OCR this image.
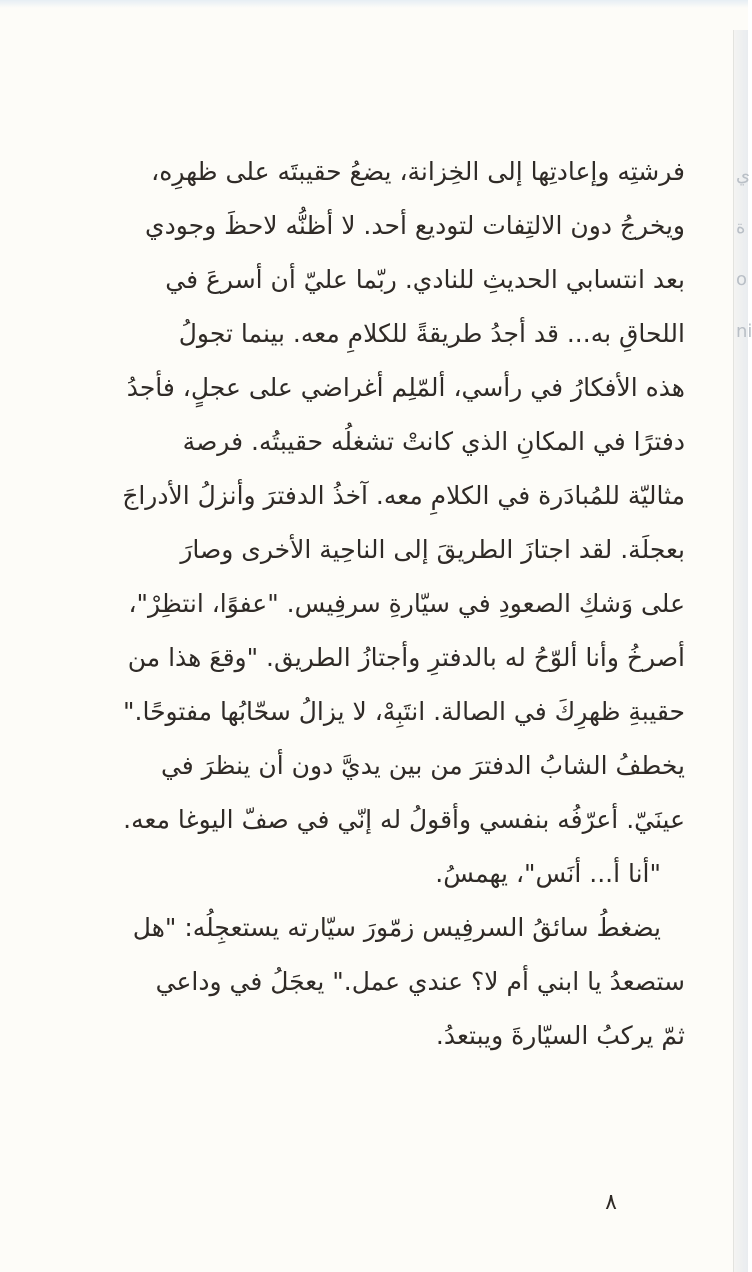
ي
ة
o
ni
فرشتِه وإعادتِها إلى الخِزانة، يضعُ حقيبتَه على ظهرِه،
ويخرجُ دون الالتِفات لتوديع أحد. لا أظنُّه لاحظَ وجودي
بعد انتسابي الحديثِ للنادي. ربّما عليّ أن أسرعَ في
اللحاقِ به... قد أجدُ طريقةً للكلامِ معه. بينما تجولُ
هذه الأفكارُ في رأسي، ألمّلِم أغراضي على عجلٍ، فأجدُ
دفترًا في المكانِ الذي كانتْ تشغلُه حقيبتُه. فرصة
مثاليّة للمُبادَرة في الكلامِ معه. آخذُ الدفترَ وأنزلُ الأدراجَ
بعجلَة. لقد اجتازَ الطريقَ إلى الناحِية الأخرى وصارَ
على وَشكِ الصعودِ في سيّارةِ سرفِيس. "عفوًا، انتظِرْ"،
أصرخُ وأنا ألوّحُ له بالدفترِ وأجتازُ الطريق. "وقعَ هذا من
حقيبةِ ظهرِكَ في الصالة. انتَبِهْ، لا يزالُ سحّابُها مفتوحًا."
يخطفُ الشابُ الدفترَ من بين يديَّ دون أن ينظرَ في
عينَيّ. أعرّفُه بنفسي وأقولُ له إنّي في صفّ اليوغا معه.
"أنا أ... أنَس"، يهمسُ.
يضغطُ سائقُ السرفِيس زمّورَ سيّارته يستعجِلُه: "هل
ستصعدُ يا ابني أم لا؟ عندي عمل." يعجَلُ في وداعي
ثمّ يركبُ السيّارةَ ويبتعدُ.
٨
